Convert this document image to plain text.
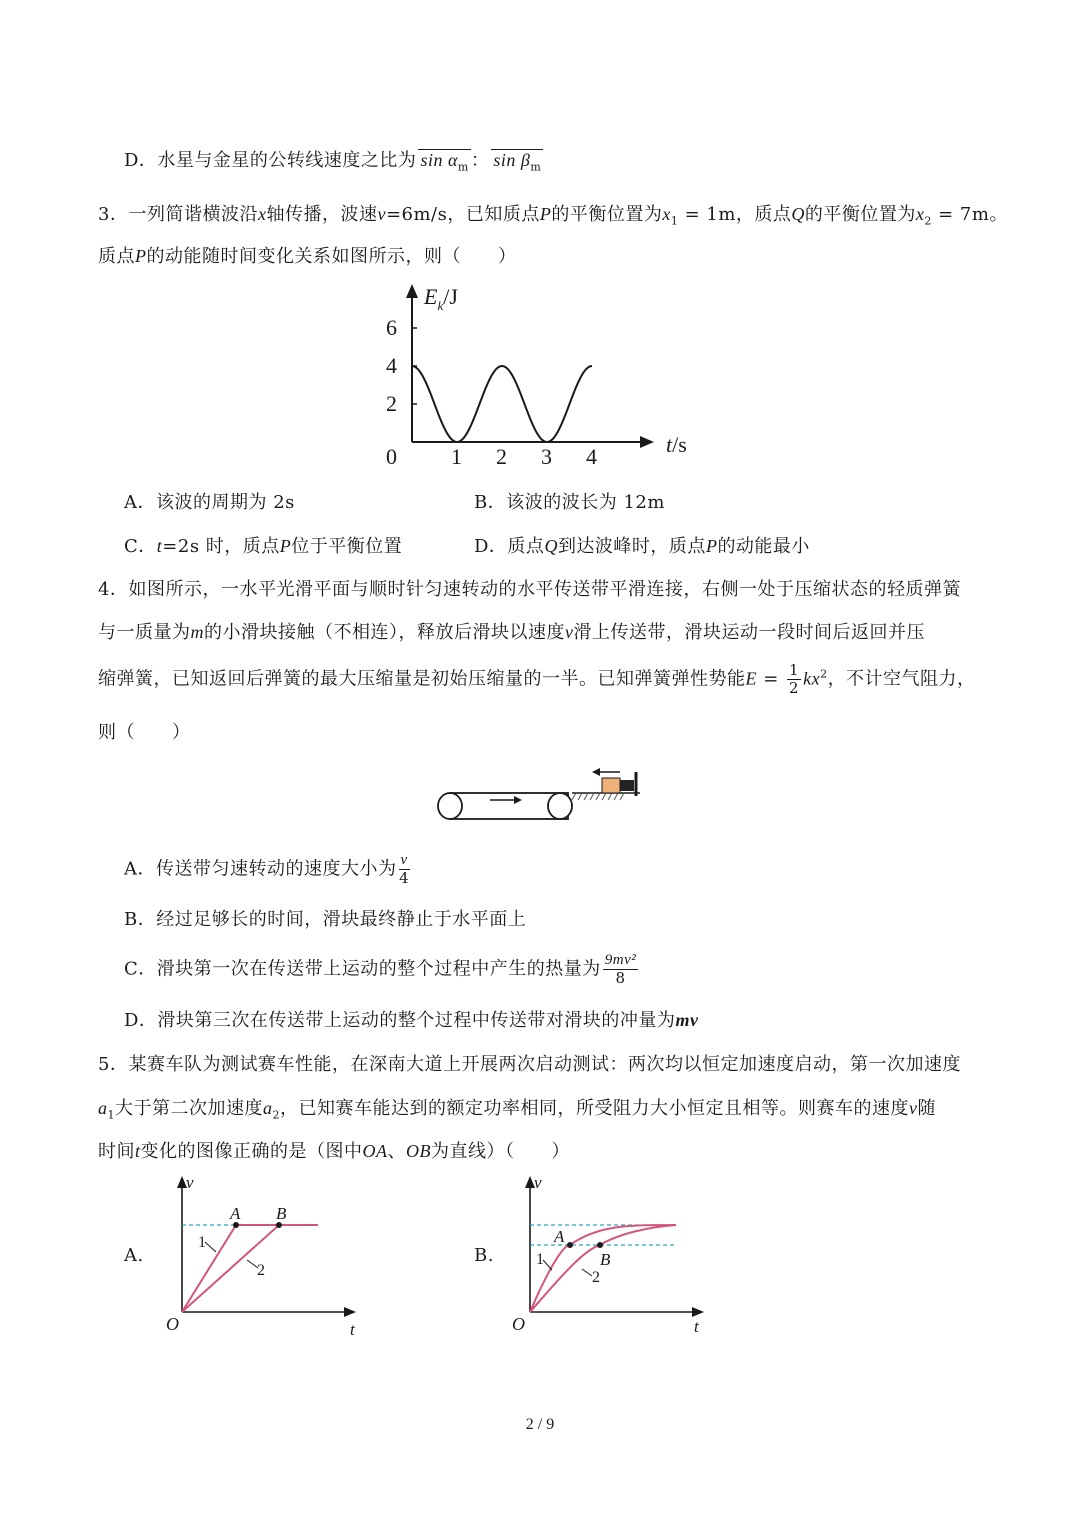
D．水星与金星的公转线速度之比为 $\sin \alpha_m$ ： $\sin \beta_m$
3．一列简谐横波沿x轴传播，波速v=6m/s，已知质点P的平衡位置为$x_1 = 1m$，质点Q的平衡位置为$x_2 = 7m$。
质点P的动能随时间变化关系如图所示，则（　　）
$E_k/J$
t/s
0 1 2 3 4
2
4
6
A．该波的周期为 2s	B．该波的波长为 12m
C．t=2s 时，质点P位于平衡位置	D．质点Q到达波峰时，质点P的动能最小
4．如图所示，一水平光滑平面与顺时针匀速转动的水平传送带平滑连接，右侧一处于压缩状态的轻质弹簧
与一质量为m的小滑块接触（不相连），释放后滑块以速度v滑上传送带，滑块运动一段时间后返回并压
缩弹簧，已知返回后弹簧的最大压缩量是初始压缩量的一半。已知弹簧弹性势能$E = \frac{1}{2} kx^2$，不计空气阻力，
则（　　）
A．传送带匀速转动的速度大小为 $\frac{v}{4}$
B．经过足够长的时间，滑块最终静止于水平面上
C．滑块第一次在传送带上运动的整个过程中产生的热量为 $\frac{\text{9mv²}}{8}$
D．滑块第三次在传送带上运动的整个过程中传送带对滑块的冲量为mv
5．某赛车队为测试赛车性能，在深南大道上开展两次启动测试：两次均以恒定加速度启动，第一次加速度
$a_1$大于第二次加速度$a_2$，已知赛车能达到的额定功率相同，所受阻力大小恒定且相等。则赛车的速度v随
时间t变化的图像正确的是（图中OA、OB为直线）（　　）
A.
v
O	t
A B
1
2
B.
v
O	t
A
B
1
2
2 / 9
